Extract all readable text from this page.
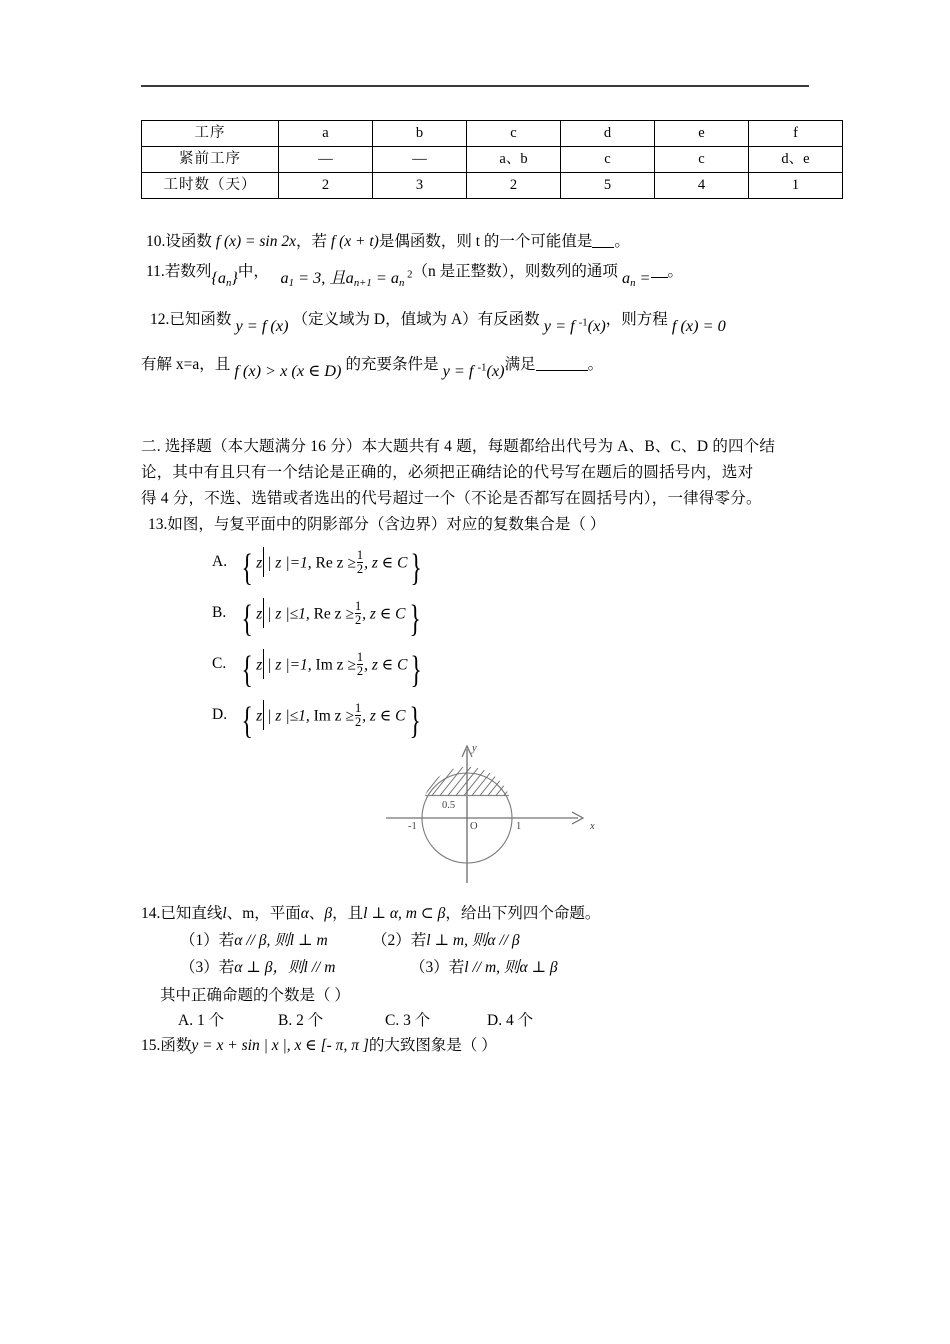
工序	a	b	c	d	e	f
紧前工序	—	—	a、b	c	c	d、e
工时数（天）	2	3	2	5	4	1
10.设函数 f (x) = sin 2x，若 f (x + t)是偶函数，则 t 的一个可能值是 。
11.若数列$\{a_n\}$中， $a_1 = 3$, 且$a_{n+1} = a_n$ $^2$（n 是正整数），则数列的通项 $a_n$ = 。
12.已知函数 y = f (x) （定义域为 D，值域为 A）有反函数 y = f $^{-1}$(x)，则方程 f (x) = 0
有解 x=a，且 f (x) > x (x ∈ D) 的充要条件是 y = f $^{-1}$(x)满足	。
二. 选择题（本大题满分 16 分）本大题共有 4 题，每题都给出代号为 A、B、C、D 的四个结
论，其中有且只有一个结论是正确的，必须把正确结论的代号写在题后的圆括号内，选对
得 4 分，不选、选错或者选出的代号超过一个（不论是否都写在圆括号内），一律得零分。
13.如图，与复平面中的阴影部分（含边界）对应的复数集合是（ ）
A. { z | z |=1, Re $z \ge \frac{1}{2}$ , z ∈ C}
B. { z | z |≤1, Re $z \ge \frac{1}{2}$ , z ∈ C}
C. { z | z |=1, Im $z \ge \frac{1}{2}$ , z ∈ C}
D. { z | z |≤1, Im $z \ge \frac{1}{2}$ , z ∈ C}
y
x
O
-1	1
0.5
14.已知直线l、m，平面α、β，且l ⊥ α, m ⊂ β，给出下列四个命题。
（1）若α // β, 则l ⊥ m	（2）若l ⊥ m, 则α // β
（3）若α ⊥ β，则l // m	（3）若l // m, 则α ⊥ β
其中正确命题的个数是（ ）
A. 1 个	B. 2 个	C. 3 个	D. 4 个
15.函数y = x + sin | x |, x ∈ [- π, π ]的大致图象是（ ）
